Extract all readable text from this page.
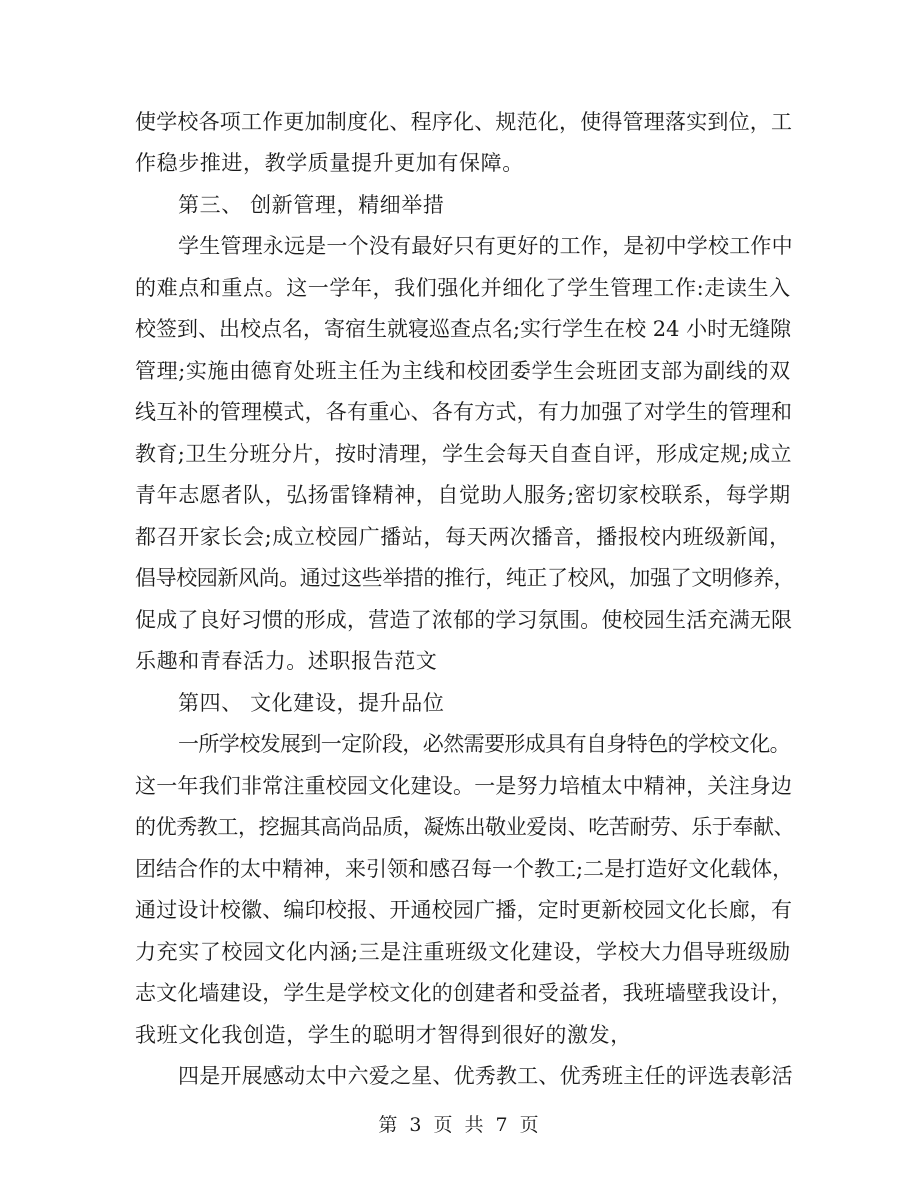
使学校各项工作更加制度化、程序化、规范化，使得管理落实到位，工
作稳步推进，教学质量提升更加有保障。
第三、 创新管理，精细举措
学生管理永远是一个没有最好只有更好的工作，是初中学校工作中
的难点和重点。这一学年，我们强化并细化了学生管理工作:走读生入
校签到、出校点名，寄宿生就寝巡查点名;实行学生在校 24 小时无缝隙
管理;实施由德育处班主任为主线和校团委学生会班团支部为副线的双
线互补的管理模式，各有重心、各有方式，有力加强了对学生的管理和
教育;卫生分班分片，按时清理，学生会每天自查自评，形成定规;成立
青年志愿者队，弘扬雷锋精神，自觉助人服务;密切家校联系，每学期
都召开家长会;成立校园广播站，每天两次播音，播报校内班级新闻，
倡导校园新风尚。通过这些举措的推行，纯正了校风，加强了文明修养，
促成了良好习惯的形成，营造了浓郁的学习氛围。使校园生活充满无限
乐趣和青春活力。述职报告范文
第四、 文化建设，提升品位
一所学校发展到一定阶段，必然需要形成具有自身特色的学校文化。
这一年我们非常注重校园文化建设。一是努力培植太中精神，关注身边
的优秀教工，挖掘其高尚品质，凝炼出敬业爱岗、吃苦耐劳、乐于奉献、
团结合作的太中精神，来引领和感召每一个教工;二是打造好文化载体，
通过设计校徽、编印校报、开通校园广播，定时更新校园文化长廊，有
力充实了校园文化内涵;三是注重班级文化建设，学校大力倡导班级励
志文化墙建设，学生是学校文化的创建者和受益者，我班墙壁我设计，
我班文化我创造，学生的聪明才智得到很好的激发，
四是开展感动太中六爱之星、优秀教工、优秀班主任的评选表彰活
第 3 页 共 7 页
